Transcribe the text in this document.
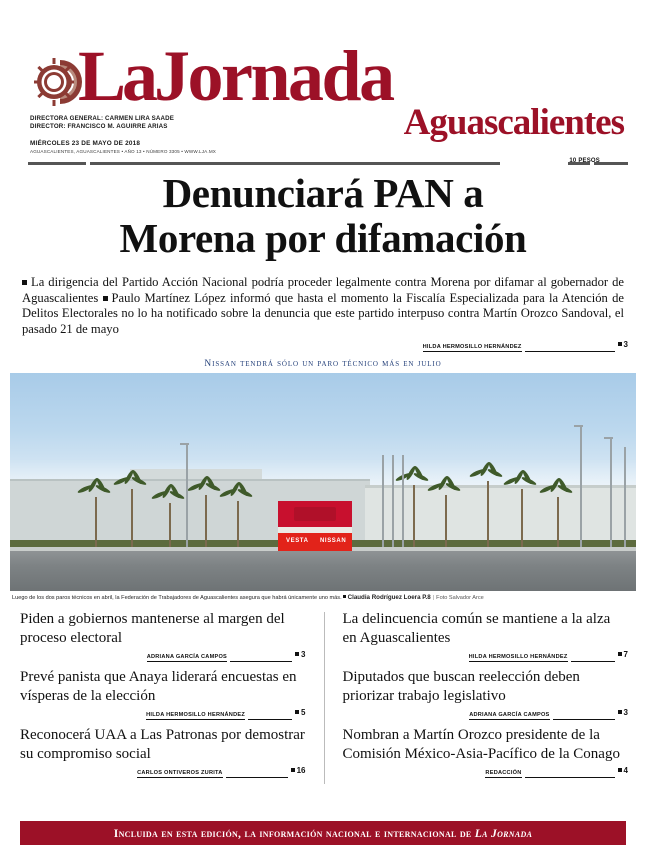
LaJornada
Aguascalientes
DIRECTORA GENERAL: CARMEN LIRA SAADE
DIRECTOR: FRANCISCO M. AGUIRRE ARIAS
MIÉRCOLES 23 DE MAYO DE 2018
AGUASCALIENTES, AGUASCALIENTES • AÑO 13 • NÚMERO 3305 • WWW.LJA.MX
10 PESOS
Denunciará PAN a
Morena por difamación
La dirigencia del Partido Acción Nacional podría proceder legalmente contra Morena por difamar al gobernador de Aguascalientes Paulo Martínez López informó que hasta el momento la Fiscalía Especializada para la Atención de Delitos Electorales no lo ha notificado sobre la denuncia que este partido interpuso contra Martín Orozco Sandoval, el pasado 21 de mayo
HILDA HERMOSILLO HERNÁNDEZ	3
Nissan tendrá sólo un paro técnico más en julio
VESTA NISSAN
Luego de los dos paros técnicos en abril, la Federación de Trabajadores de Aguascalientes asegura que habrá únicamente uno más. Claudia Rodríguez Loera P.8 | Foto Salvador Arce
Piden a gobiernos mantenerse al margen del proceso electoral
ADRIANA GARCÍA CAMPOS	3
Prevé panista que Anaya liderará encuestas en vísperas de la elección
HILDA HERMOSILLO HERNÁNDEZ	5
Reconocerá UAA a Las Patronas por demostrar su compromiso social
CARLOS ONTIVEROS ZURITA	16
La delincuencia común se mantiene a la alza en Aguascalientes
HILDA HERMOSILLO HERNÁNDEZ	7
Diputados que buscan reelección deben priorizar trabajo legislativo
ADRIANA GARCÍA CAMPOS	3
Nombran a Martín Orozco presidente de la Comisión México-Asia-Pacífico de la Conago
REDACCIÓN	4
Incluida en esta edición, la información nacional e internacional de La Jornada
